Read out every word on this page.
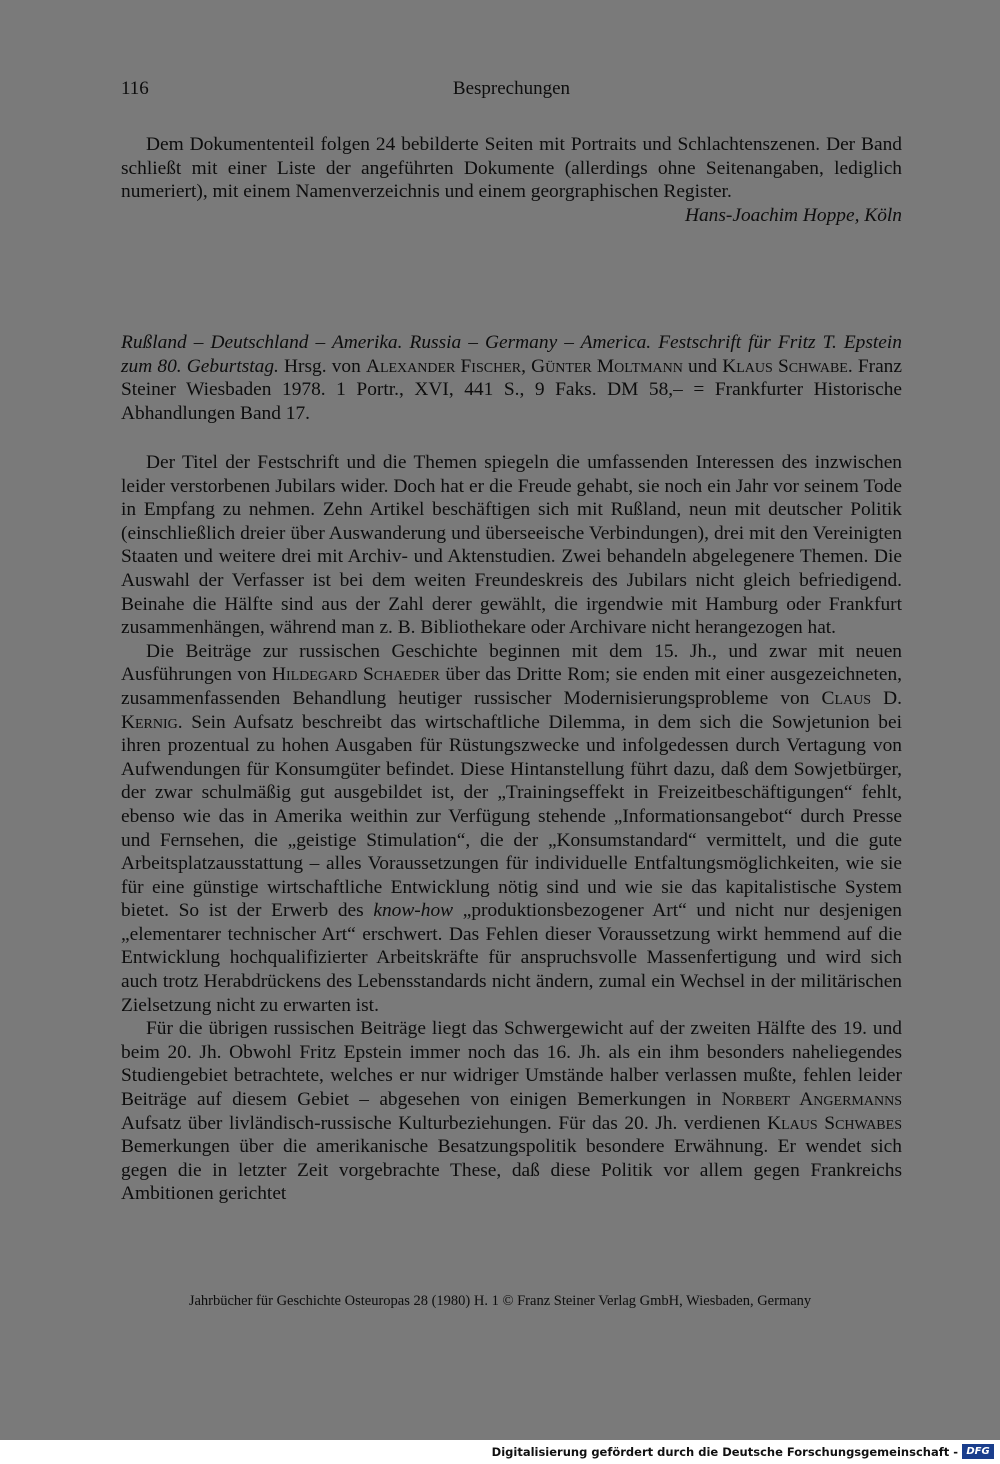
116	Besprechungen

Dem Dokumententeil folgen 24 bebilderte Seiten mit Portraits und Schlachtenszenen. Der Band schließt mit einer Liste der angeführten Dokumente (allerdings ohne Seitenangaben, lediglich numeriert), mit einem Namenverzeichnis und einem georgraphischen Register.

Hans-Joachim Hoppe, Köln

Rußland – Deutschland – Amerika. Russia – Germany – America. Festschrift für Fritz T. Epstein zum 80. Geburtstag. Hrsg. von Alexander Fischer, Günter Moltmann und Klaus Schwabe. Franz Steiner Wiesbaden 1978. 1 Portr., XVI, 441 S., 9 Faks. DM 58,– = Frankfurter Historische Abhandlungen Band 17.

Der Titel der Festschrift und die Themen spiegeln die umfassenden Interessen des inzwischen leider verstorbenen Jubilars wider. Doch hat er die Freude gehabt, sie noch ein Jahr vor seinem Tode in Empfang zu nehmen. Zehn Artikel beschäftigen sich mit Rußland, neun mit deutscher Politik (einschließlich dreier über Auswanderung und überseeische Verbindungen), drei mit den Vereinigten Staaten und weitere drei mit Archiv- und Aktenstudien. Zwei behandeln abgelegenere Themen. Die Auswahl der Verfasser ist bei dem weiten Freundeskreis des Jubilars nicht gleich befriedigend. Beinahe die Hälfte sind aus der Zahl derer gewählt, die irgendwie mit Hamburg oder Frankfurt zusammenhängen, während man z. B. Bibliothekare oder Archivare nicht herangezogen hat.

Die Beiträge zur russischen Geschichte beginnen mit dem 15. Jh., und zwar mit neuen Ausführungen von Hildegard Schaeder über das Dritte Rom; sie enden mit einer ausgezeichneten, zusammenfassenden Behandlung heutiger russischer Modernisierungsprobleme von Claus D. Kernig. Sein Aufsatz beschreibt das wirtschaftliche Dilemma, in dem sich die Sowjetunion bei ihren prozentual zu hohen Ausgaben für Rüstungszwecke und infolgedessen durch Vertagung von Aufwendungen für Konsumgüter befindet. Diese Hintanstellung führt dazu, daß dem Sowjetbürger, der zwar schulmäßig gut ausgebildet ist, der „Trainingseffekt in Freizeitbeschäftigungen“ fehlt, ebenso wie das in Amerika weithin zur Verfügung stehende „Informationsangebot“ durch Presse und Fernsehen, die „geistige Stimulation“, die der „Konsumstandard“ vermittelt, und die gute Arbeitsplatzausstattung – alles Voraussetzungen für individuelle Entfaltungsmöglichkeiten, wie sie für eine günstige wirtschaftliche Entwicklung nötig sind und wie sie das kapitalistische System bietet. So ist der Erwerb des know-how „produktionsbezogener Art“ und nicht nur desjenigen „elementarer technischer Art“ erschwert. Das Fehlen dieser Voraussetzung wirkt hemmend auf die Entwicklung hochqualifizierter Arbeitskräfte für anspruchsvolle Massenfertigung und wird sich auch trotz Herabdrückens des Lebensstandards nicht ändern, zumal ein Wechsel in der militärischen Zielsetzung nicht zu erwarten ist.

Für die übrigen russischen Beiträge liegt das Schwergewicht auf der zweiten Hälfte des 19. und beim 20. Jh. Obwohl Fritz Epstein immer noch das 16. Jh. als ein ihm besonders naheliegendes Studiengebiet betrachtete, welches er nur widriger Umstände halber verlassen mußte, fehlen leider Beiträge auf diesem Gebiet – abgesehen von einigen Bemerkungen in Norbert Angermanns Aufsatz über livländisch-russische Kulturbeziehungen. Für das 20. Jh. verdienen Klaus Schwabes Bemerkungen über die amerikanische Besatzungspolitik besondere Erwähnung. Er wendet sich gegen die in letzter Zeit vorgebrachte These, daß diese Politik vor allem gegen Frankreichs Ambitionen gerichtet

Jahrbücher für Geschichte Osteuropas 28 (1980) H. 1 © Franz Steiner Verlag GmbH, Wiesbaden, Germany
Digitalisierung gefördert durch die Deutsche Forschungsgemeinschaft - DFG
